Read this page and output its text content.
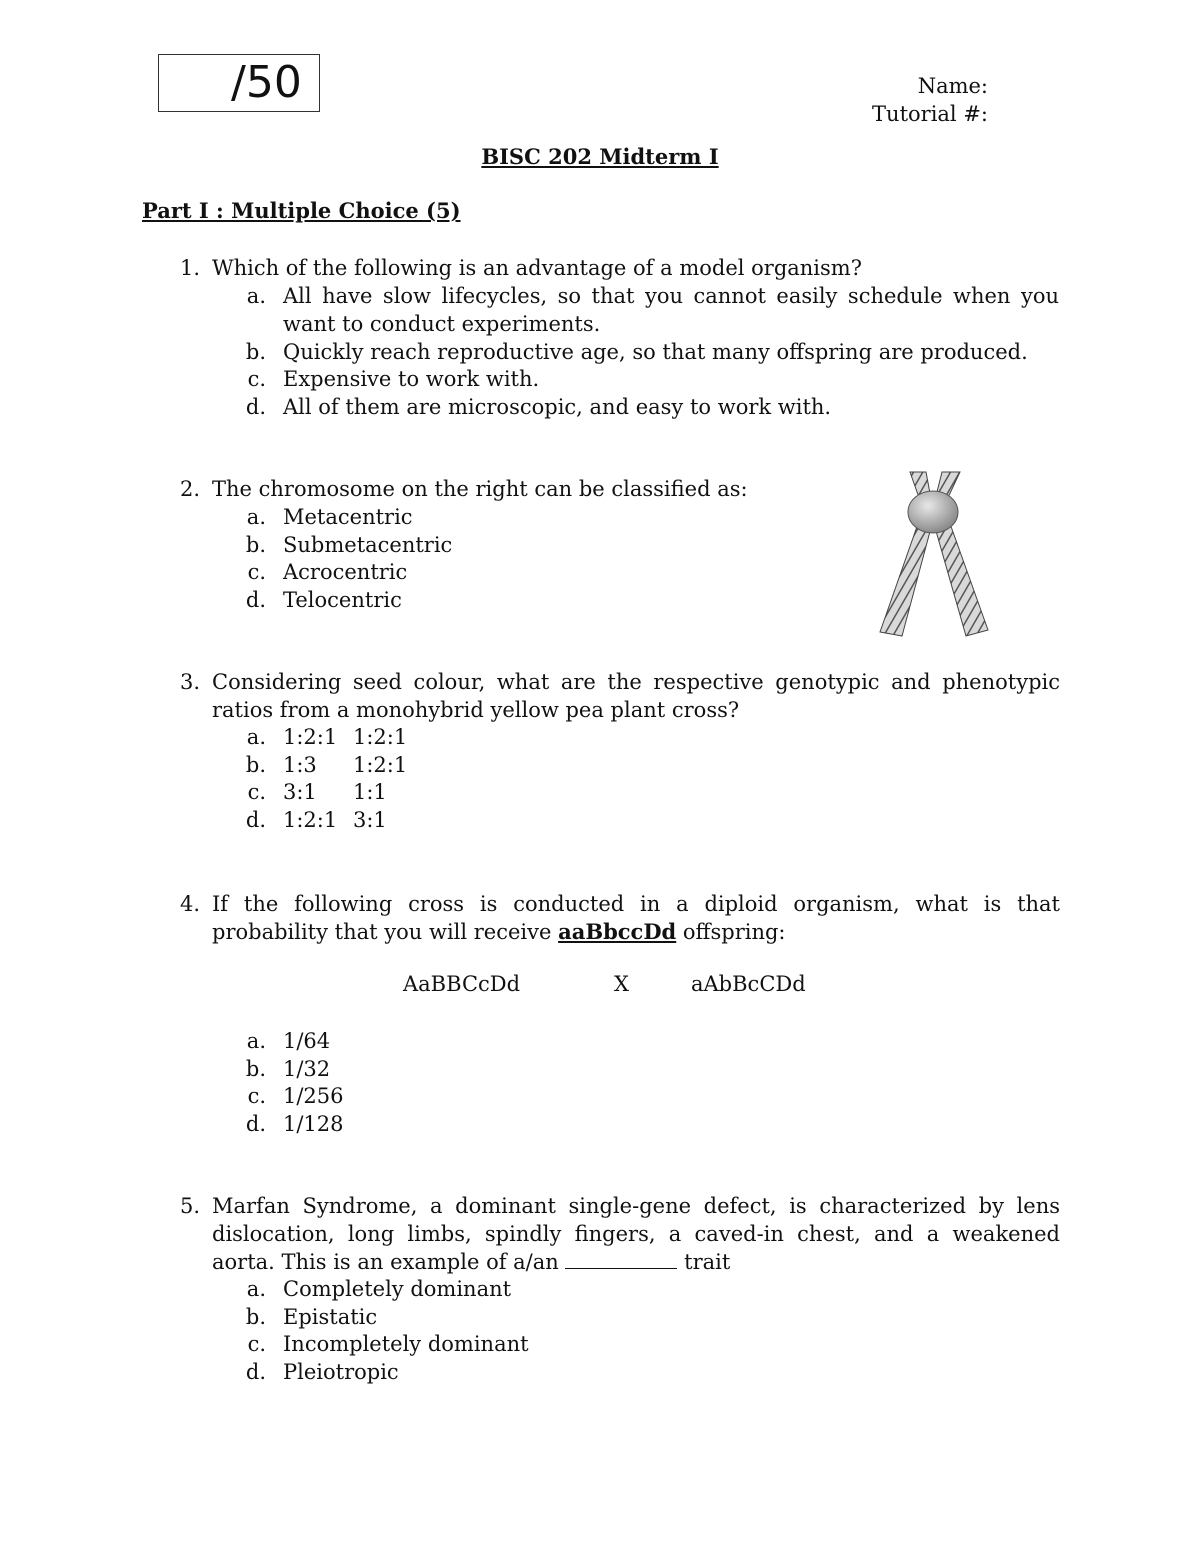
/50	Name:
Tutorial #:
BISC 202 Midterm I
Part I : Multiple Choice (5)
1. Which of the following is an advantage of a model organism?
a. All have slow lifecycles, so that you cannot easily schedule when you want to conduct experiments.
b. Quickly reach reproductive age, so that many offspring are produced.
c. Expensive to work with.
d. All of them are microscopic, and easy to work with.
2. The chromosome on the right can be classified as:
a. Metacentric
b. Submetacentric
c. Acrocentric
d. Telocentric
3. Considering seed colour, what are the respective genotypic and phenotypic ratios from a monohybrid yellow pea plant cross?
a. 1:2:1 1:2:1
b. 1:3 1:2:1
c. 3:1 1:1
d. 1:2:1 3:1
4. If the following cross is conducted in a diploid organism, what is that probability that you will receive aaBbccDd offspring:
AaBBCcDd	X	aAbBcCDd
a. 1/64
b. 1/32
c. 1/256
d. 1/128
5. Marfan Syndrome, a dominant single-gene defect, is characterized by lens dislocation, long limbs, spindly fingers, a caved-in chest, and a weakened aorta. This is an example of a/an	trait
a. Completely dominant
b. Epistatic
c. Incompletely dominant
d. Pleiotropic
